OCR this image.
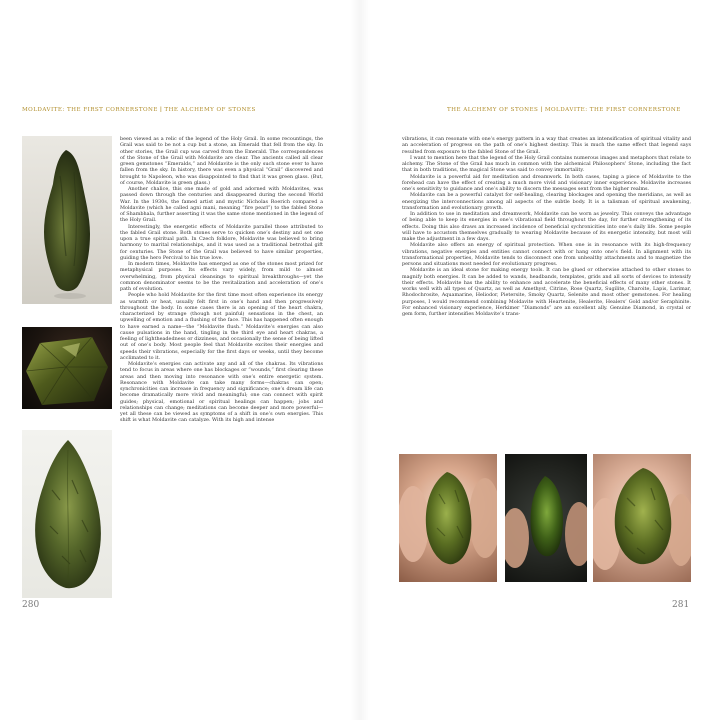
MOLDAVITE: THE FIRST CORNERSTONE | THE ALCHEMY OF STONES

been viewed as a relic of the legend of the Holy Grail. In some recountings, the Grail was said to be not a cup but a stone, an Emerald that fell from the sky. In other stories, the Grail cup was carved from the Emerald. The correspondences of the Stone of the Grail with Moldavite are clear. The ancients called all clear green gemstones “Emeralds,” and Moldavite is the only such stone ever to have fallen from the sky. In history, there was even a physical “Grail” discovered and brought to Napoleon, who was disappointed to find that it was green glass. (But, of course, Moldavite is green glass.)

Another chalice, this one made of gold and adorned with Moldavites, was passed down through the centuries and disappeared during the second World War. In the 1930s, the famed artist and mystic Nicholas Roerich compared a Moldavite (which he called agni mani, meaning “fire pearl”) to the fabled Stone of Shambhala, further asserting it was the same stone mentioned in the legend of the Holy Grail.

Interestingly, the energetic effects of Moldavite parallel those attributed to the fabled Grail stone. Both stones serve to quicken one’s destiny and set one upon a true spiritual path. In Czech folklore, Moldavite was believed to bring harmony to marital relationships, and it was used as a traditional betrothal gift for centuries. The Stone of the Grail was believed to have similar properties, guiding the hero Percival to his true love.

In modern times, Moldavite has emerged as one of the stones most prized for metaphysical purposes. Its effects vary widely, from mild to almost overwhelming, from physical cleansings to spiritual breakthroughs—yet the common denominator seems to be the revitalization and acceleration of one’s path of evolution.

People who hold Moldavite for the first time most often experience its energy as warmth or heat, usually felt first in one’s hand and then progressively throughout the body. In some cases there is an opening of the heart chakra, characterized by strange (though not painful) sensations in the chest, an upwelling of emotion and a flushing of the face. This has happened often enough to have earned a name—the “Moldavite flush.” Moldavite’s energies can also cause pulsations in the hand, tingling in the third eye and heart chakras, a feeling of lightheadedness or dizziness, and occasionally the sense of being lifted out of one’s body. Most people feel that Moldavite excites their energies and speeds their vibrations, especially for the first days or weeks, until they become acclimated to it.

Moldavite’s energies can activate any and all of the chakras. Its vibrations tend to focus in areas where one has blockages or “wounds,” first clearing these areas and then moving into resonance with one’s entire energetic system. Resonance with Moldavite can take many forms—chakras can open; synchronicities can increase in frequency and significance; one’s dream life can become dramatically more vivid and meaningful; one can connect with spirit guides; physical, emotional or spiritual healings can happen; jobs and relationships can change; meditations can become deeper and more powerful—yet all these can be viewed as symptoms of a shift in one’s own energies. This shift is what Moldavite can catalyze. With its high and intense

280
THE ALCHEMY OF STONES | MOLDAVITE: THE FIRST CORNERSTONE

vibrations, it can resonate with one’s energy pattern in a way that creates an intensification of spiritual vitality and an acceleration of progress on the path of one’s highest destiny. This is much the same effect that legend says resulted from exposure to the fabled Stone of the Grail.

I want to mention here that the legend of the Holy Grail contains numerous images and metaphors that relate to alchemy. The Stone of the Grail has much in common with the alchemical Philosophers’ Stone, including the fact that in both traditions, the magical Stone was said to convey immortality.

Moldavite is a powerful aid for meditation and dreamwork. In both cases, taping a piece of Moldavite to the forehead can have the effect of creating a much more vivid and visionary inner experience. Moldavite increases one’s sensitivity to guidance and one’s ability to discern the messages sent from the higher realms.

Moldavite can be a powerful catalyst for self-healing, clearing blockages and opening the meridians, as well as energizing the interconnections among all aspects of the subtle body. It is a talisman of spiritual awakening, transformation and evolutionary growth.

In addition to use in meditation and dreamwork, Moldavite can be worn as jewelry. This conveys the advantage of being able to keep its energies in one’s vibrational field throughout the day, for further strengthening of its effects. Doing this also draws an increased incidence of beneficial sychronicities into one’s daily life. Some people will have to accustom themselves gradually to wearing Moldavite because of its energetic intensity, but most will make the adjustment in a few days.

Moldavite also offers an energy of spiritual protection. When one is in resonance with its high-frequency vibrations, negative energies and entities cannot connect with or hang onto one’s field. In alignment with its transformational properties, Moldavite tends to disconnect one from unhealthy attachments and to magnetize the persons and situations most needed for evolutionary progress.

Moldavite is an ideal stone for making energy tools. It can be glued or otherwise attached to other stones to magnify both energies. It can be added to wands, headbands, templates, grids and all sorts of devices to intensify their effects. Moldavite has the ability to enhance and accelerate the beneficial effects of many other stones. It works well with all types of Quartz, as well as Amethyst, Citrine, Rose Quartz, Sugilite, Charoite, Lapis, Larimar, Rhodochrosite, Aquamarine, Heliodor, Pietersite, Smoky Quartz, Selenite and most other gemstones. For healing purposes, I would recommend combining Moldavite with Heartenite, Healerite, Healers’ Gold and/or Seraphinite. For enhanced visionary experience, Herkimer “Diamonds” are an excellent ally. Genuine Diamond, in crystal or gem form, further intensifies Moldavite’s trans-

281
